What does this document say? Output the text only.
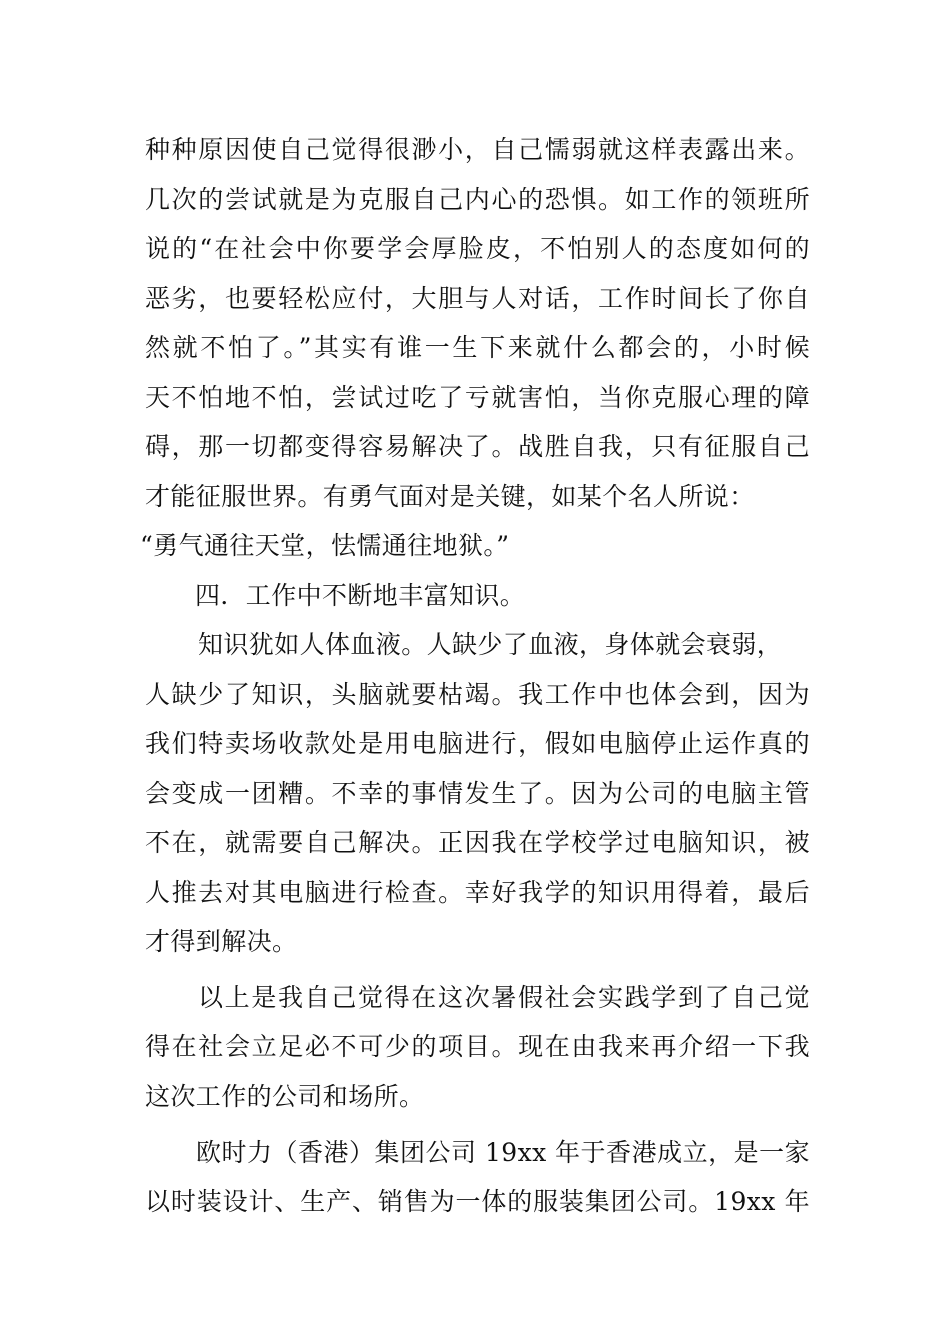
种种原因使自己觉得很渺小，自己懦弱就这样表露出来。
几次的尝试就是为克服自己内心的恐惧。如工作的领班所
说的“在社会中你要学会厚脸皮，不怕别人的态度如何的
恶劣，也要轻松应付，大胆与人对话，工作时间长了你自
然就不怕了。”其实有谁一生下来就什么都会的，小时候
天不怕地不怕，尝试过吃了亏就害怕，当你克服心理的障
碍，那一切都变得容易解决了。战胜自我，只有征服自己
才能征服世界。有勇气面对是关键，如某个名人所说：
“勇气通往天堂，怯懦通往地狱。”
四．工作中不断地丰富知识。
知识犹如人体血液。人缺少了血液，身体就会衰弱，
人缺少了知识，头脑就要枯竭。我工作中也体会到，因为
我们特卖场收款处是用电脑进行，假如电脑停止运作真的
会变成一团糟。不幸的事情发生了。因为公司的电脑主管
不在，就需要自己解决。正因我在学校学过电脑知识，被
人推去对其电脑进行检查。幸好我学的知识用得着，最后
才得到解决。
以上是我自己觉得在这次暑假社会实践学到了自己觉
得在社会立足必不可少的项目。现在由我来再介绍一下我
这次工作的公司和场所。
欧时力（香港）集团公司 19xx 年于香港成立，是一家
以时装设计、生产、销售为一体的服装集团公司。19xx 年
